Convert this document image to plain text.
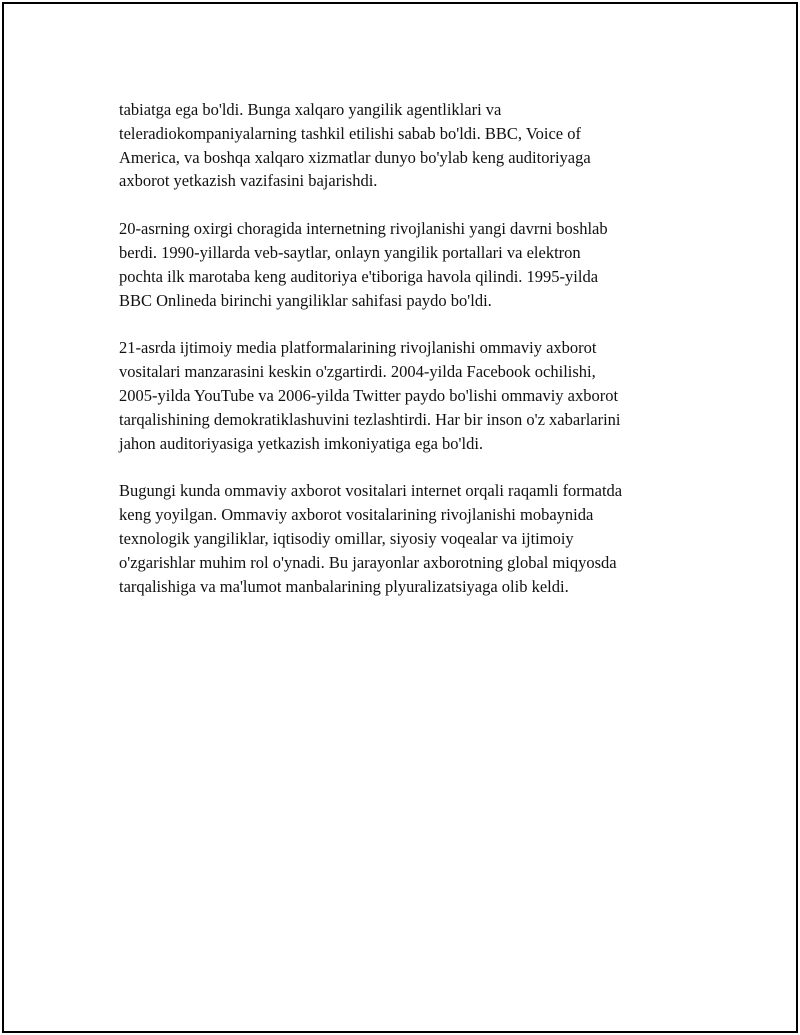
tabiatga ega bo'ldi. Bunga xalqaro yangilik agentliklari va
teleradiokompaniyalarning tashkil etilishi sabab bo'ldi. BBC, Voice of
America, va boshqa xalqaro xizmatlar dunyo bo'ylab keng auditoriyaga
axborot yetkazish vazifasini bajarishdi.

20-asrning oxirgi choragida internetning rivojlanishi yangi davrni boshlab
berdi. 1990-yillarda veb-saytlar, onlayn yangilik portallari va elektron
pochta ilk marotaba keng auditoriya e'tiboriga havola qilindi. 1995-yilda
BBC Onlineda birinchi yangiliklar sahifasi paydo bo'ldi.

21-asrda ijtimoiy media platformalarining rivojlanishi ommaviy axborot
vositalari manzarasini keskin o'zgartirdi. 2004-yilda Facebook ochilishi,
2005-yilda YouTube va 2006-yilda Twitter paydo bo'lishi ommaviy axborot
tarqalishining demokratiklashuvini tezlashtirdi. Har bir inson o'z xabarlarini
jahon auditoriyasiga yetkazish imkoniyatiga ega bo'ldi.

Bugungi kunda ommaviy axborot vositalari internet orqali raqamli formatda
keng yoyilgan. Ommaviy axborot vositalarining rivojlanishi mobaynida
texnologik yangiliklar, iqtisodiy omillar, siyosiy voqealar va ijtimoiy
o'zgarishlar muhim rol o'ynadi. Bu jarayonlar axborotning global miqyosda
tarqalishiga va ma'lumot manbalarining plyuralizatsiyaga olib keldi.
